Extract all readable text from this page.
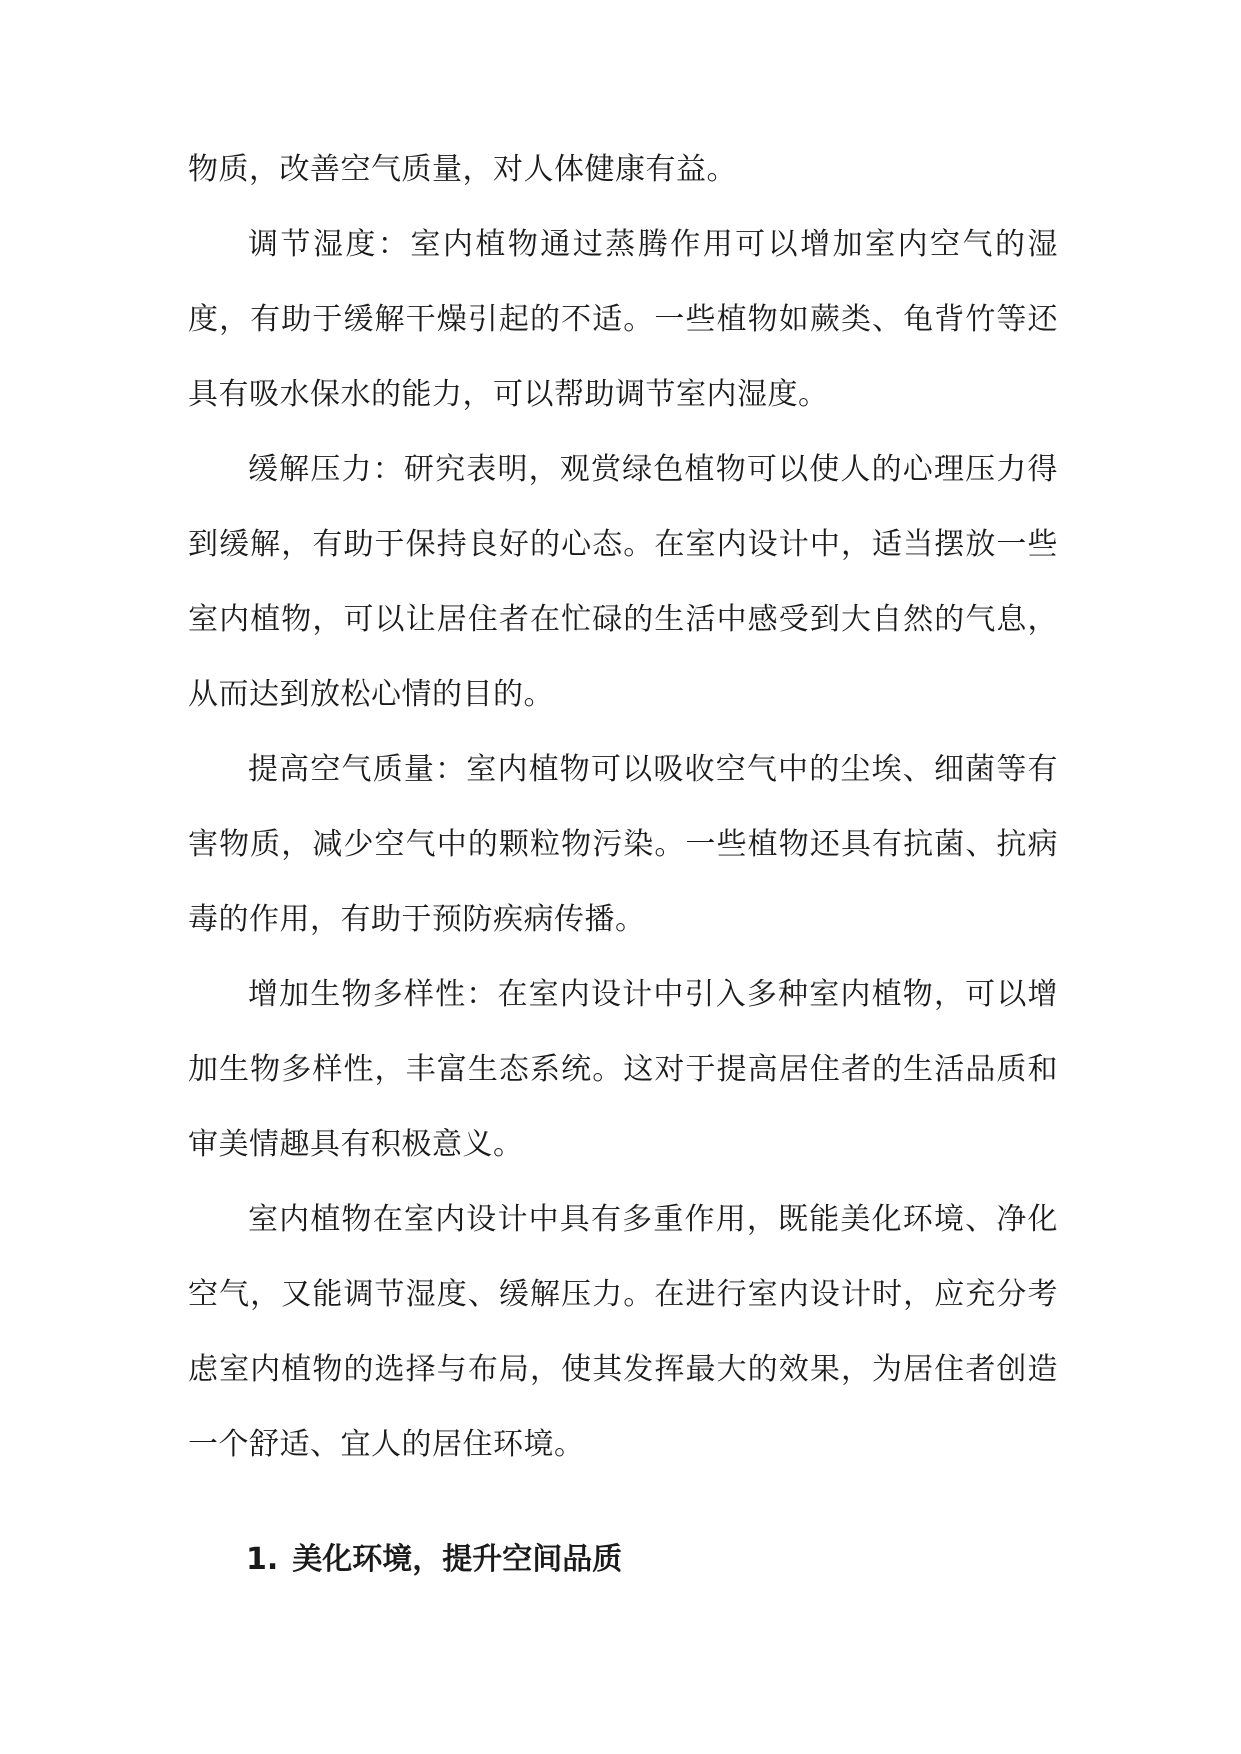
物质，改善空气质量，对人体健康有益。

调节湿度：室内植物通过蒸腾作用可以增加室内空气的湿度，有助于缓解干燥引起的不适。一些植物如蕨类、龟背竹等还具有吸水保水的能力，可以帮助调节室内湿度。

缓解压力：研究表明，观赏绿色植物可以使人的心理压力得到缓解，有助于保持良好的心态。在室内设计中，适当摆放一些室内植物，可以让居住者在忙碌的生活中感受到大自然的气息，从而达到放松心情的目的。

提高空气质量：室内植物可以吸收空气中的尘埃、细菌等有害物质，减少空气中的颗粒物污染。一些植物还具有抗菌、抗病毒的作用，有助于预防疾病传播。

增加生物多样性：在室内设计中引入多种室内植物，可以增加生物多样性，丰富生态系统。这对于提高居住者的生活品质和审美情趣具有积极意义。

室内植物在室内设计中具有多重作用，既能美化环境、净化空气，又能调节湿度、缓解压力。在进行室内设计时，应充分考虑室内植物的选择与布局，使其发挥最大的效果，为居住者创造一个舒适、宜人的居住环境。

1. 美化环境，提升空间品质
